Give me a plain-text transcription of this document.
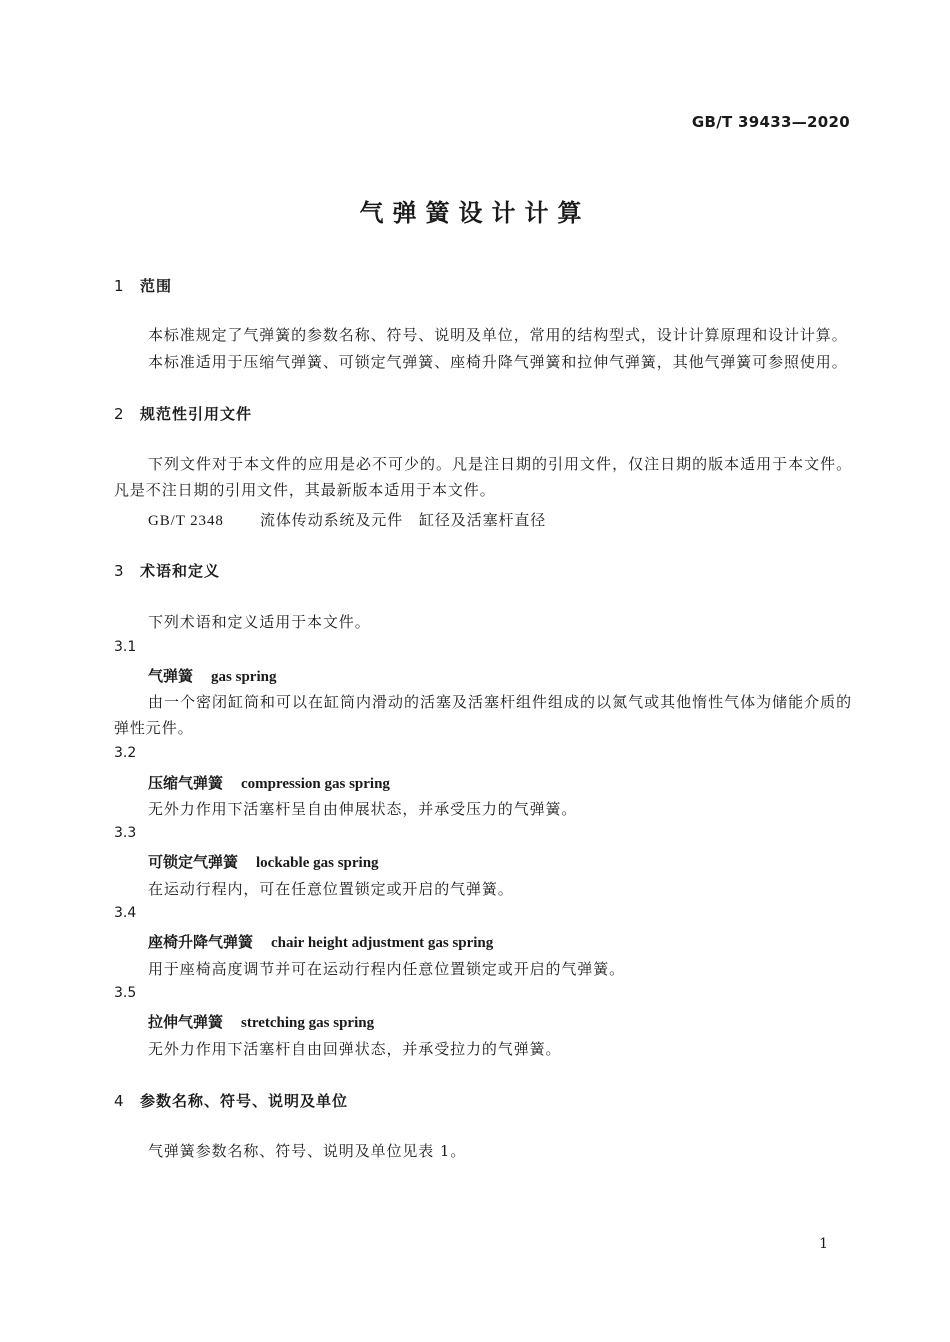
GB/T 39433—2020
气弹簧设计计算
1 范围
本标准规定了气弹簧的参数名称、符号、说明及单位，常用的结构型式，设计计算原理和设计计算。
本标准适用于压缩气弹簧、可锁定气弹簧、座椅升降气弹簧和拉伸气弹簧，其他气弹簧可参照使用。
2 规范性引用文件
下列文件对于本文件的应用是必不可少的。凡是注日期的引用文件，仅注日期的版本适用于本文件。凡是不注日期的引用文件，其最新版本适用于本文件。
GB/T 2348 流体传动系统及元件　缸径及活塞杆直径
3 术语和定义
下列术语和定义适用于本文件。
3.1
气弹簧 gas spring
由一个密闭缸筒和可以在缸筒内滑动的活塞及活塞杆组件组成的以氮气或其他惰性气体为储能介质的弹性元件。
3.2
压缩气弹簧 compression gas spring
无外力作用下活塞杆呈自由伸展状态，并承受压力的气弹簧。
3.3
可锁定气弹簧 lockable gas spring
在运动行程内，可在任意位置锁定或开启的气弹簧。
3.4
座椅升降气弹簧 chair height adjustment gas spring
用于座椅高度调节并可在运动行程内任意位置锁定或开启的气弹簧。
3.5
拉伸气弹簧 stretching gas spring
无外力作用下活塞杆自由回弹状态，并承受拉力的气弹簧。
4 参数名称、符号、说明及单位
气弹簧参数名称、符号、说明及单位见表 1。
1
